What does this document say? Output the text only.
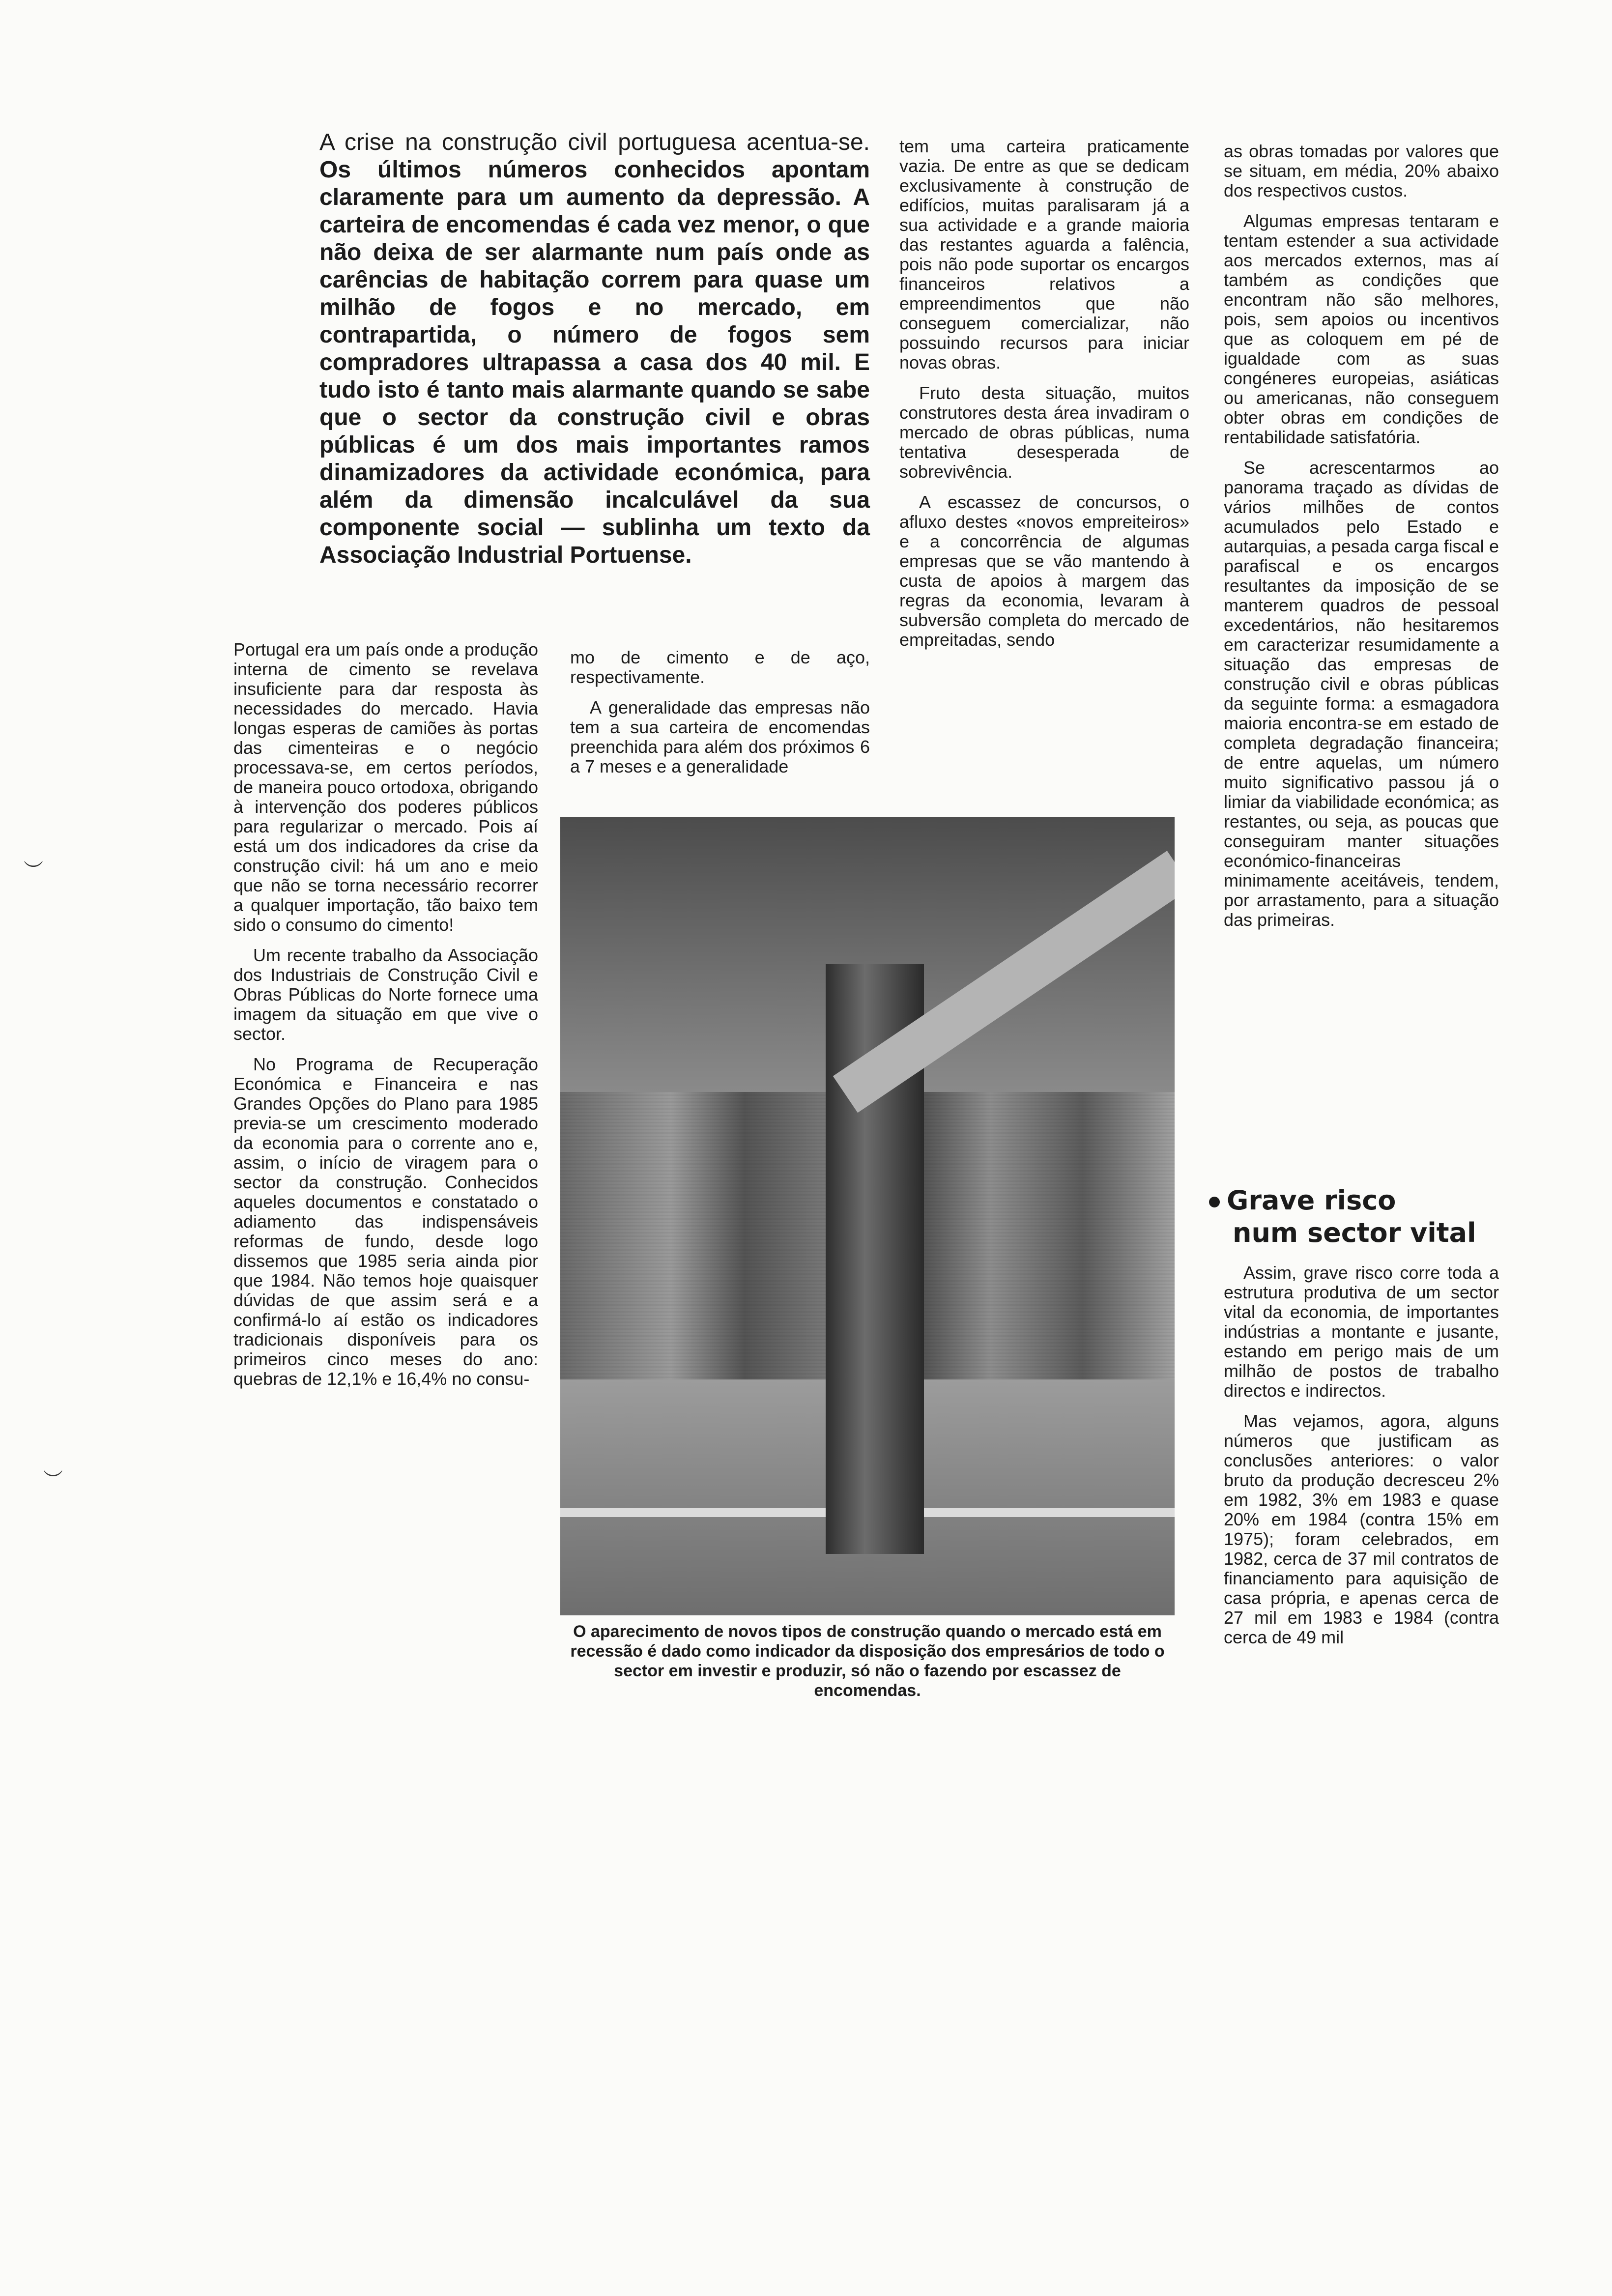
A crise na construção civil portuguesa acentua-se. Os últimos números conhecidos apontam claramente para um aumento da depressão. A carteira de encomendas é cada vez menor, o que não deixa de ser alarmante num país onde as carências de habitação correm para quase um milhão de fogos e no mercado, em contrapartida, o número de fogos sem compradores ultrapassa a casa dos 40 mil. E tudo isto é tanto mais alarmante quando se sabe que o sector da construção civil e obras públicas é um dos mais importantes ramos dinamizadores da actividade económica, para além da dimensão incalculável da sua componente social — sublinha um texto da Associação Industrial Portuense.

Portugal era um país onde a produção interna de cimento se revelava insuficiente para dar resposta às necessidades do mercado. Havia longas esperas de camiões às portas das cimenteiras e o negócio processava-se, em certos períodos, de maneira pouco ortodoxa, obrigando à intervenção dos poderes públicos para regularizar o mercado. Pois aí está um dos indicadores da crise da construção civil: há um ano e meio que não se torna necessário recorrer a qualquer importação, tão baixo tem sido o consumo do cimento!

Um recente trabalho da Associação dos Industriais de Construção Civil e Obras Públicas do Norte fornece uma imagem da situação em que vive o sector.

No Programa de Recuperação Económica e Financeira e nas Grandes Opções do Plano para 1985 previa-se um crescimento moderado da economia para o corrente ano e, assim, o início de viragem para o sector da construção. Conhecidos aqueles documentos e constatado o adiamento das indispensáveis reformas de fundo, desde logo dissemos que 1985 seria ainda pior que 1984. Não temos hoje quaisquer dúvidas de que assim será e a confirmá-lo aí estão os indicadores tradicionais disponíveis para os primeiros cinco meses do ano: quebras de 12,1% e 16,4% no consu-

mo de cimento e de aço, respectivamente.

A generalidade das empresas não tem a sua carteira de encomendas preenchida para além dos próximos 6 a 7 meses e a generalidade

O aparecimento de novos tipos de construção quando o mercado está em recessão é dado como indicador da disposição dos empresários de todo o sector em investir e produzir, só não o fazendo por escassez de encomendas.

tem uma carteira praticamente vazia. De entre as que se dedicam exclusivamente à construção de edifícios, muitas paralisaram já a sua actividade e a grande maioria das restantes aguarda a falência, pois não pode suportar os encargos financeiros relativos a empreendimentos que não conseguem comercializar, não possuindo recursos para iniciar novas obras.

Fruto desta situação, muitos construtores desta área invadiram o mercado de obras públicas, numa tentativa desesperada de sobrevivência.

A escassez de concursos, o afluxo destes «novos empreiteiros» e a concorrência de algumas empresas que se vão mantendo à custa de apoios à margem das regras da economia, levaram à subversão completa do mercado de empreitadas, sendo

as obras tomadas por valores que se situam, em média, 20% abaixo dos respectivos custos.

Algumas empresas tentaram e tentam estender a sua actividade aos mercados externos, mas aí também as condições que encontram não são melhores, pois, sem apoios ou incentivos que as coloquem em pé de igualdade com as suas congéneres europeias, asiáticas ou americanas, não conseguem obter obras em condições de rentabilidade satisfatória.

Se acrescentarmos ao panorama traçado as dívidas de vários milhões de contos acumulados pelo Estado e autarquias, a pesada carga fiscal e parafiscal e os encargos resultantes da imposição de se manterem quadros de pessoal excedentários, não hesitaremos em caracterizar resumidamente a situação das empresas de construção civil e obras públicas da seguinte forma: a esmagadora maioria encontra-se em estado de completa degradação financeira; de entre aquelas, um número muito significativo passou já o limiar da viabilidade económica; as restantes, ou seja, as poucas que conseguiram manter situações económico-financeiras minimamente aceitáveis, tendem, por arrastamento, para a situação das primeiras.

Grave risco
num sector vital

Assim, grave risco corre toda a estrutura produtiva de um sector vital da economia, de importantes indústrias a montante e jusante, estando em perigo mais de um milhão de postos de trabalho directos e indirectos.

Mas vejamos, agora, alguns números que justificam as conclusões anteriores: o valor bruto da produção decresceu 2% em 1982, 3% em 1983 e quase 20% em 1984 (contra 15% em 1975); foram celebrados, em 1982, cerca de 37 mil contratos de financiamento para aquisição de casa própria, e apenas cerca de 27 mil em 1983 e 1984 (contra cerca de 49 mil

︶
︶
